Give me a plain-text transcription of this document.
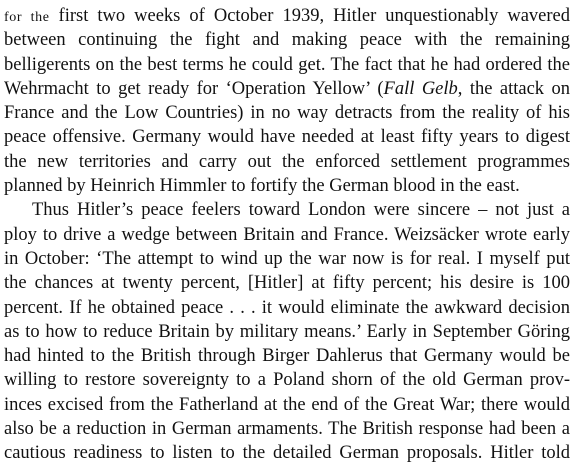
for the first two weeks of October 1939, Hitler unquestionably wavered
between continuing the fight and making peace with the remaining
belligerents on the best terms he could get. The fact that he had ordered the
Wehrmacht to get ready for ‘Operation Yellow’ (Fall Gelb, the attack on
France and the Low Countries) in no way detracts from the reality of his
peace offensive. Germany would have needed at least fifty years to digest
the new territories and carry out the enforced settlement programmes
planned by Heinrich Himmler to fortify the German blood in the east.
Thus Hitler’s peace feelers toward London were sincere – not just a
ploy to drive a wedge between Britain and France. Weizsäcker wrote early
in October: ‘The attempt to wind up the war now is for real. I myself put
the chances at twenty percent, [Hitler] at fifty percent; his desire is 100
percent. If he obtained peace . . . it would eliminate the awkward decision
as to how to reduce Britain by military means.’ Early in September Göring
had hinted to the British through Birger Dahlerus that Germany would be
willing to restore sovereignty to a Poland shorn of the old German prov-
inces excised from the Fatherland at the end of the Great War; there would
also be a reduction in German armaments. The British response had been a
cautious readiness to listen to the detailed German proposals. Hitler told
